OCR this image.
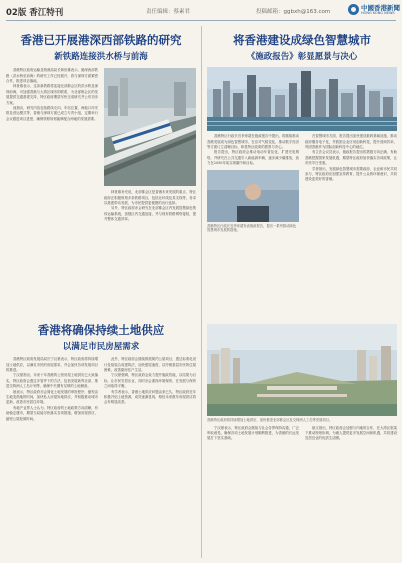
02版 香江特刊	责任编辑：蔡素君	投稿邮箱：ggbxh@163.com	中國香港新聞
HONG KONG NEWS
香港已开展港深西部铁路的研究
新铁路连接洪水桥与前海

香港特区政府运输及物流局局长林世雄表示，港深西部铁路（洪水桥至前海）的研究工作已经展开，将与深圳方面紧密合作，推进项目落地。

林世雄表示，这条新铁路将连接北部都会区的洪水桥及深圳前海，可加强香港与大湾区城市的联系，为北部都会区的发展提供交通基建支持，特区政府期望尽快完成研究并公布初步方案。

他指出，研究内容包括路线走向、车站位置、两地口岸安排及营运模式等，香港与深圳方面已成立专责小组，定期举行会议跟进项目进度，确保铁路规划能够配合两地的发展需要。

林世雄补充说，北部都会区是香港未来发展的重点，特区政府正积极规划多条铁路项目，包括北环线及其支线等，务求以基建带动发展，为市民提供更便捷的出行选择。

另外，特区政府亦会研究在北部都会区内发展智慧绿色集体运输系统，加强区内交通连接，并与现有铁路网络接驳，提升整体交通效率。

将香港建设成绿色智慧城市
《施政报告》彰显愿景与决心

香港特区行政长官李家超在施政报告中提出，将继续推动香港发展成为绿色智慧城市，在应对气候变化、推动数字经济等方面订立清晰目标，彰显特区政府的愿景与决心。

报告提出，特区政府会推动电动车普及化，扩建充电网络，并研究在公共交通引入新能源车辆，逐步减少碳排放，致力在2050年前实现碳中和目标。

香港特区行政长官李家超发表施政报告，提出一系列推动绿色智慧城市发展的措施。

在智慧城市方面，报告提出加快建设数码基础设施，推动政府服务电子化，并鼓励企业应用创新科技，提升营商效率，巩固香港作为国际创新科技中心的地位。

有立法会议员表示，施政报告提出的措施方向正确，有助香港把握国家发展机遇，期望特区政府加快落实各项政策，让市民早日受惠。

学者指出，发展绿色智慧城市需要政府、企业和市民共同参与，特区政府应加强宣传教育，提升公众的环保意识，共同建设更美好的香港。

香港将确保持续土地供应
以满足市民房屋需求

香港特区政府发展局局长宁汉豪表示，特区政府将持续增加土地供应，以满足市民的房屋需求，并会加快各项发展项目的推进。

宁汉豪指出，未来十年香港的公营房屋土地供应已大致落实，特区政府会透过多管齐下的方法，包括发展新界北部、推进交椅洲人工岛计划等，确保中长期有足够的土地储备。

她表示，特区政府亦会简化土地发展的审批程序，缩短由生地变熟地的时间，加快私人房屋用地供应，并积极推动城市更新，改善市民居住环境。

有地产业界人士认为，特区政府的土地政策方向清晰，有助稳定楼市，期望当局能尽快落实各项措施，增加房屋供应，缩短公屋轮候时间。

此外，特区政府会继续推展简约公屋项目，透过标准化设计及组装合成建筑法，加快建屋速度，以纾缓基层市民的住屋困难，改善劏房住户生活。

宁汉豪强调，特区政府会致力提升施政效能，以结果为目标，让市民安居乐业，同时亦会重视环境保育，在发展与保育之间取得平衡。

有学者表示，香港土地供应问题由来已久，特区政府近年积极开拓土地资源，成效逐渐显现，相信未来数年房屋供应将会有明显改善。

香港特区政府将持续增加土地供应，加快推进北部都会区及交椅洲人工岛等发展项目。

宁汉豪表示，特区政府会继续与社会各界保持沟通，广泛听取意见，确保各项土地发展计划顺利推进，为香港的长远发展打下坚实基础。

她又指出，特区政府会加强与内地的合作，在大湾区框架下推动规划协调，为港人提供更多发展空间和机遇，共同建设宜居宜业的优质生活圈。
